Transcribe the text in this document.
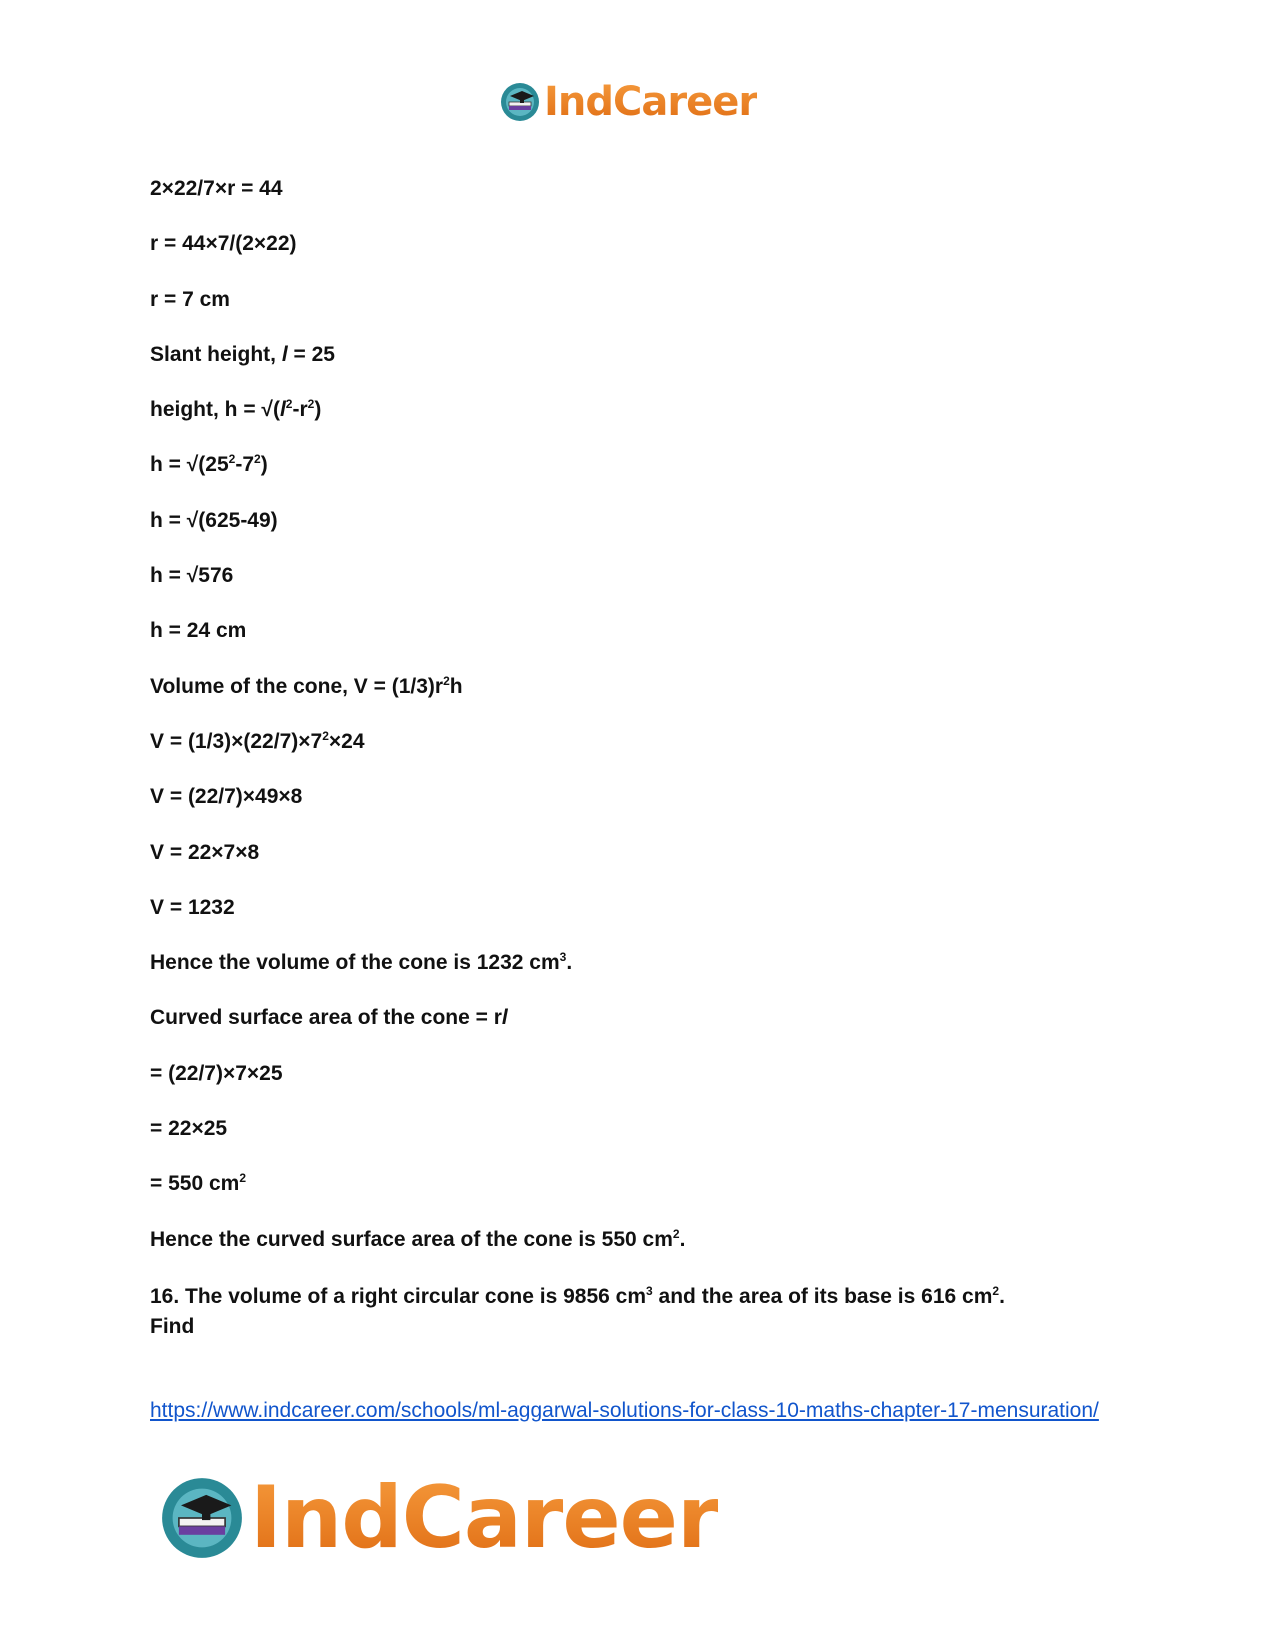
IndCareer
2×22/7×r = 44
r = 44×7/(2×22)
r = 7 cm
Slant height, l = 25
height, $h = √(l^2-r^2)$
$h = √(25^2-7^2)$
h = √(625-49)
h = √576
h = 24 cm
Volume of the cone, $V = (1/3)r^2h$
$V = (1/3)\times(22/7)\times 7^2\times 24$
V = (22/7)×49×8
V = 22×7×8
V = 1232
Hence the volume of the cone is 1232 $cm^3$.
Curved surface area of the cone = rl
= (22/7)×7×25
= 22×25
= 550 $cm^2$
Hence the curved surface area of the cone is 550 $cm^2$.
16. The volume of a right circular cone is 9856 $cm^3$ and the area of its base is 616 $cm^2$.
Find
https://www.indcareer.com/schools/ml-aggarwal-solutions-for-class-10-maths-chapter-17-mensuration/
IndCareer
